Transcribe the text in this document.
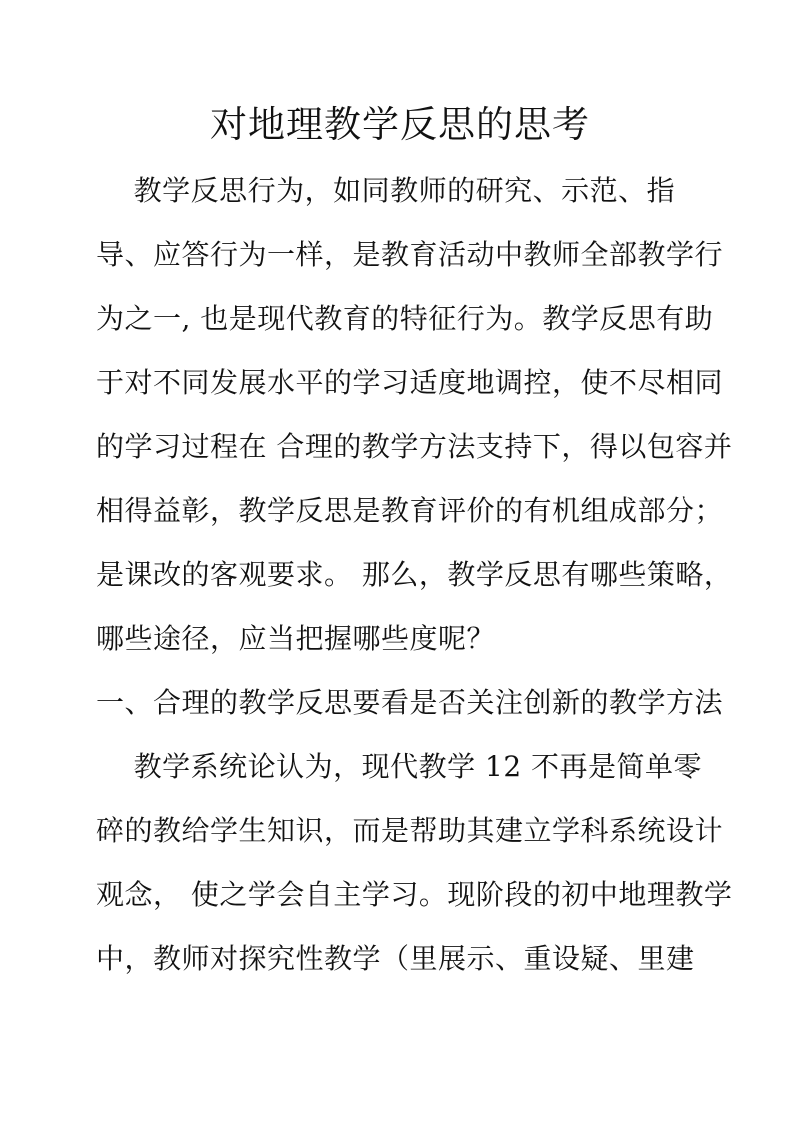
对地理教学反思的思考
教学反思行为，如同教师的研究、示范、指
导、应答行为一样，是教育活动中教师全部教学行
为之一, 也是现代教育的特征行为。教学反思有助
于对不同发展水平的学习适度地调控，使不尽相同
的学习过程在 合理的教学方法支持下，得以包容并
相得益彰，教学反思是教育评价的有机组成部分；
是课改的客观要求。 那么，教学反思有哪些策略，
哪些途径，应当把握哪些度呢？
一、合理的教学反思要看是否关注创新的教学方法
教学系统论认为，现代教学 12 不再是简单零
碎的教给学生知识，而是帮助其建立学科系统设计
观念， 使之学会自主学习。现阶段的初中地理教学
中，教师对探究性教学（里展示、重设疑、里建
